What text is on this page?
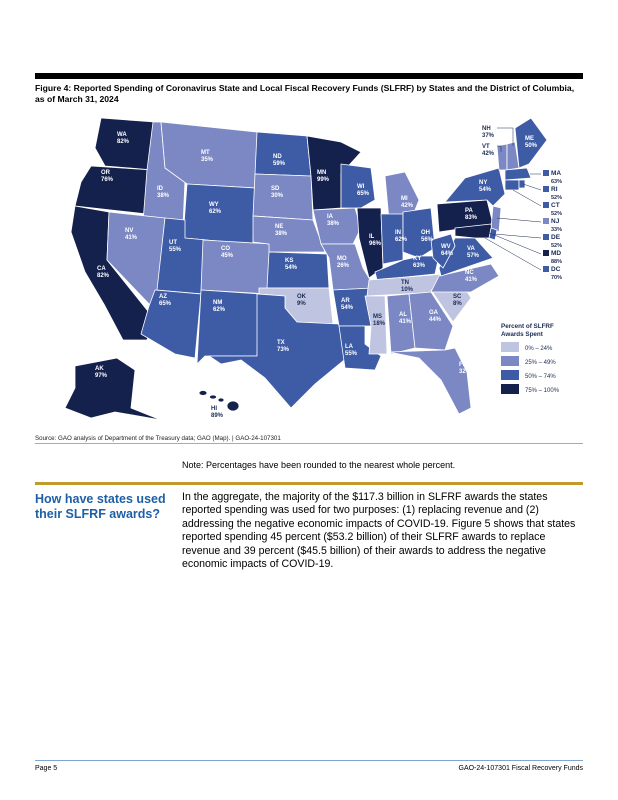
Figure 4: Reported Spending of Coronavirus State and Local Fiscal Recovery Funds (SLFRF) by States and the District of Columbia, as of March 31, 2024
WA 82%
OR 76%
CA 82%
ID 38%
NV 41%
MT 35%
WY 62%
UT 55%
AZ 65%
CO 45%
NM 62%
ND 59%
SD 30%
NE 38%
KS 54%
OK 9%
TX 73%
MN 99%
IA 38%
MO 26%
AR 54%
LA 55%
WI 65%
IL 96%
MI 42%
IN 62%
OH 56%
KY 63%
TN 10%
MS 18%
AL 41%
GA 44%
FL 32%
SC 8%
NC 41%
VA 57%
WV 64%
PA 83%
NY 54%
ME 50%
NH 37%
VT 42%
AK 97%
HI 89%
MA 63%
RI 52%
CT 52%
NJ 33%
DE 52%
MD 88%
DC 70%
Percent of SLFRF Awards Spent
0% – 24%
25% – 49%
50% – 74%
75% – 100%
Source: GAO analysis of Department of the Treasury data; GAO (Map). | GAO-24-107301
Note: Percentages have been rounded to the nearest whole percent.
How have states used their SLFRF awards?
In the aggregate, the majority of the $117.3 billion in SLFRF awards the states reported spending was used for two purposes: (1) replacing revenue and (2) addressing the negative economic impacts of COVID-19. Figure 5 shows that states reported spending 45 percent ($53.2 billion) of their SLFRF awards to replace revenue and 39 percent ($45.5 billion) of their awards to address the negative economic impacts of COVID-19.
Page 5	GAO-24-107301 Fiscal Recovery Funds
